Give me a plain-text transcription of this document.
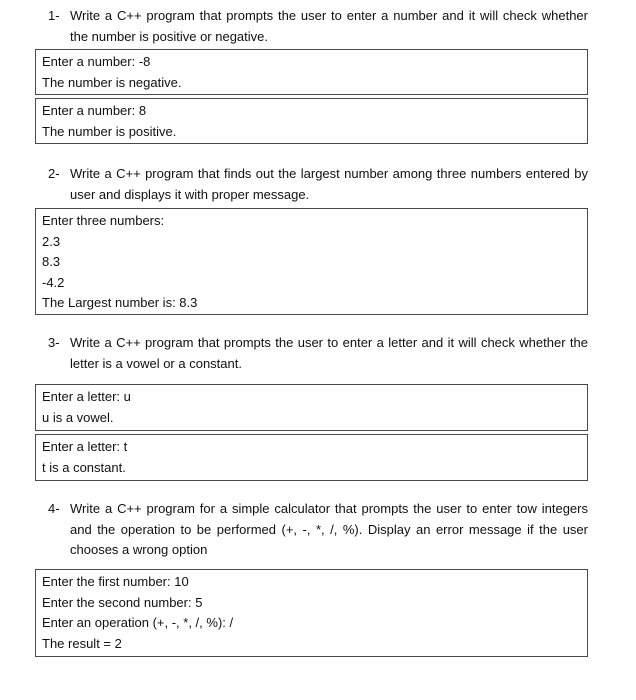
1- Write a C++ program that prompts the user to enter a number and it will check whether the number is positive or negative.
Enter a number: -8
The number is negative.
Enter a number: 8
The number is positive.
2- Write a C++ program that finds out the largest number among three numbers entered by user and displays it with proper message.
Enter three numbers:
2.3
8.3
-4.2
The Largest number is: 8.3
3- Write a C++ program that prompts the user to enter a letter and it will check whether the letter is a vowel or a constant.
Enter a letter: u
u is a vowel.
Enter a letter: t
t is a constant.
4- Write a C++ program for a simple calculator that prompts the user to enter tow integers and the operation to be performed (+, -, *, /, %). Display an error message if the user chooses a wrong option
Enter the first number: 10
Enter the second number: 5
Enter an operation (+, -, *, /, %): /
The result = 2
